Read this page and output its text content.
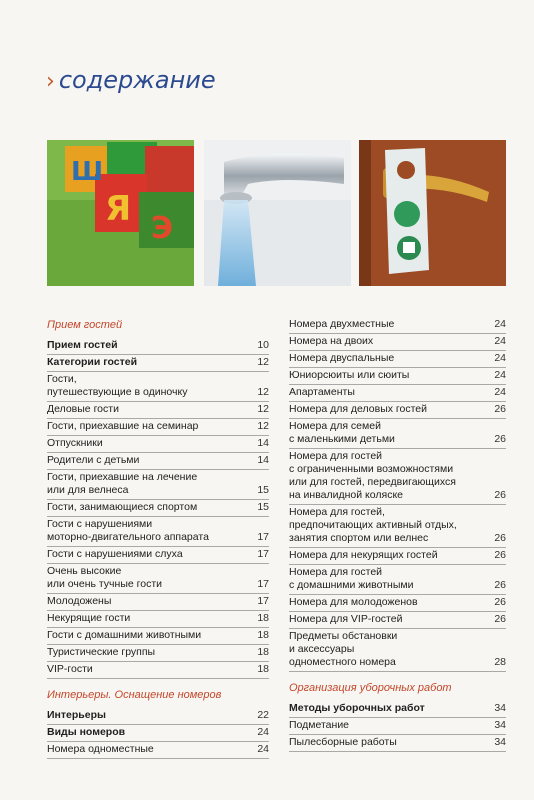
› содержание
Я Э
Ш
Прием гостей
Прием гостей	10
Категории гостей	12
Гости,
путешествующие в одиночку	12
Деловые гости	12
Гости, приехавшие на семинар	12
Отпускники	14
Родители с детьми	14
Гости, приехавшие на лечение
или для велнеса	15
Гости, занимающиеся спортом	15
Гости с нарушениями
моторно-двигательного аппарата	17
Гости с нарушениями слуха	17
Очень высокие
или очень тучные гости	17
Молодожены	17
Некурящие гости	18
Гости с домашними животными	18
Туристические группы	18
VIP-гости	18
Интерьеры. Оснащение номеров
Интерьеры	22
Виды номеров	24
Номера одноместные	24
Номера двухместные	24
Номера на двоих	24
Номера двуспальные	24
Юниорсюиты или сюиты	24
Апартаменты	24
Номера для деловых гостей	26
Номера для семей
с маленькими детьми	26
Номера для гостей
с ограниченными возможностями
или для гостей, передвигающихся
на инвалидной коляске	26
Номера для гостей,
предпочитающих активный отдых,
занятия спортом или велнес	26
Номера для некурящих гостей	26
Номера для гостей
с домашними животными	26
Номера для молодоженов	26
Номера для VIP-гостей	26
Предметы обстановки
и аксессуары
одноместного номера	28
Организация уборочных работ
Методы уборочных работ	34
Подметание	34
Пылесборные работы	34
